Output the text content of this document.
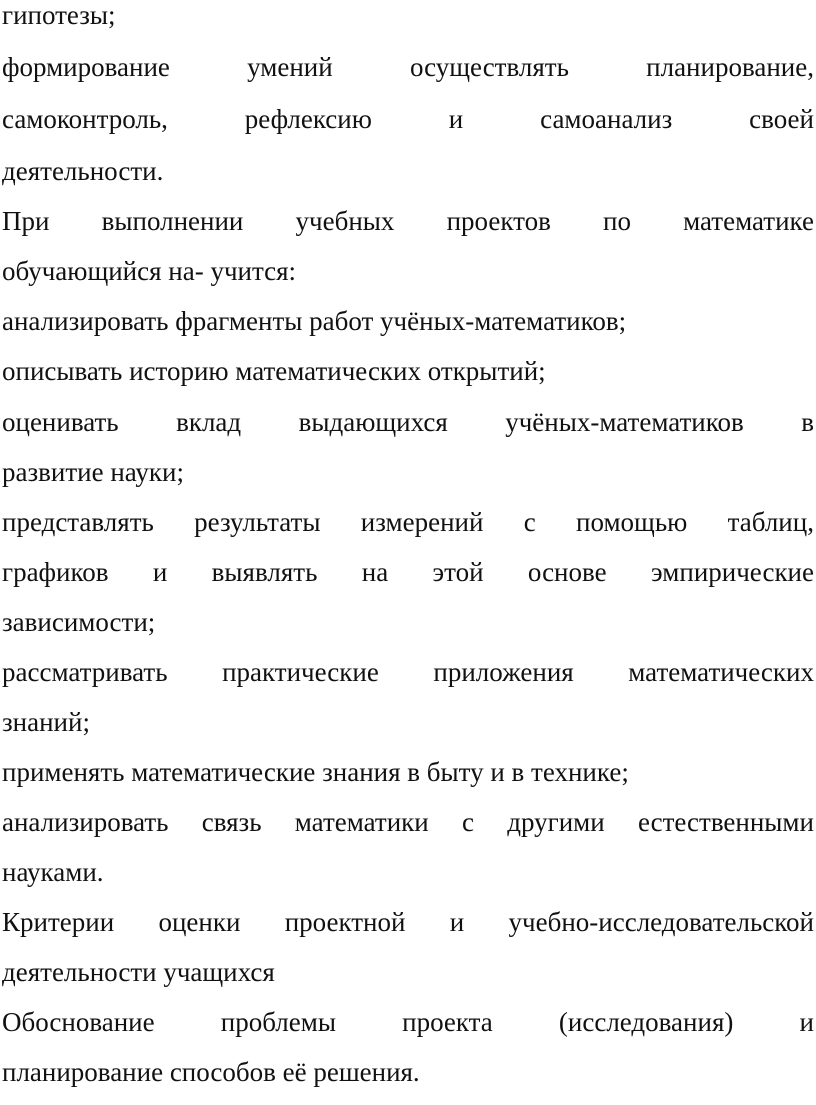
гипотезы;
формирование	умений	осуществлять	планирование,
самоконтроль,	рефлексию	и	самоанализ	своей
деятельности.
При выполнении учебных проектов по математике
обучающийся на- учится:
анализировать фрагменты работ учёных-математиков;
описывать историю математических открытий;
оценивать вклад выдающихся учёных-математиков в
развитие науки;
представлять результаты измерений с помощью таблиц,
графиков и выявлять на этой основе эмпирические
зависимости;
рассматривать практические приложения математических
знаний;
применять математические знания в быту и в технике;
анализировать связь математики с другими естественными
науками.
Критерии оценки проектной и учебно-исследовательской
деятельности учащихся
Обоснование проблемы проекта (исследования) и
планирование способов её решения.
